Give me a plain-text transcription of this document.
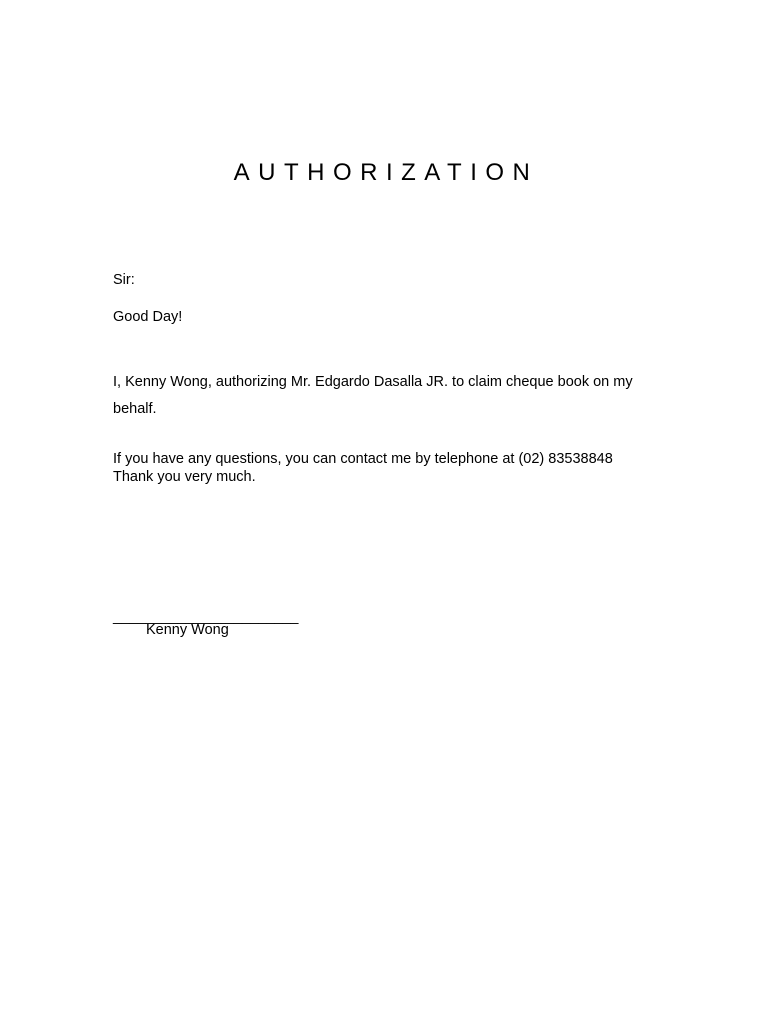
AUTHORIZATION

Sir:

Good Day!

I, Kenny Wong, authorizing Mr. Edgardo Dasalla JR. to claim cheque book on my
behalf.

If you have any questions, you can contact me by telephone at (02) 83538848

Thank you very much.

_______________________

Kenny Wong
